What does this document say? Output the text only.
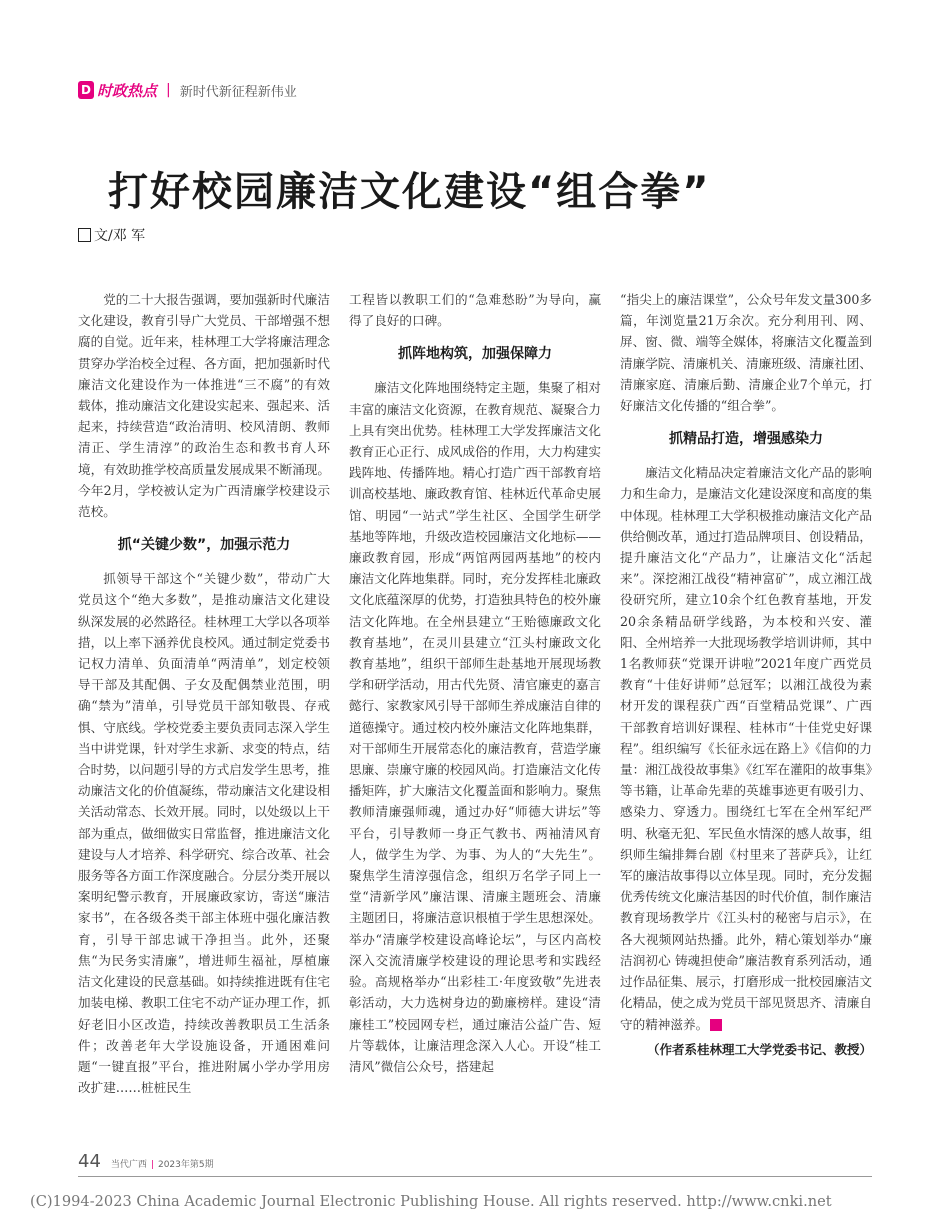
D 时政热点 | 新时代新征程新伟业
打好校园廉洁文化建设“组合拳”
文/邓 军

党的二十大报告强调，要加强新时代廉洁文化建设，教育引导广大党员、干部增强不想腐的自觉。近年来，桂林理工大学将廉洁理念贯穿办学治校全过程、各方面，把加强新时代廉洁文化建设作为一体推进“三不腐”的有效载体，推动廉洁文化建设实起来、强起来、活起来，持续营造“政治清明、校风清朗、教师清正、学生清淳”的政治生态和教书育人环境，有效助推学校高质量发展成果不断涌现。今年2月，学校被认定为广西清廉学校建设示范校。

抓“关键少数”，加强示范力

抓领导干部这个“关键少数”，带动广大党员这个“绝大多数”，是推动廉洁文化建设纵深发展的必然路径。桂林理工大学以各项举措，以上率下涵养优良校风。通过制定党委书记权力清单、负面清单“两清单”，划定校领导干部及其配偶、子女及配偶禁业范围，明确“禁为”清单，引导党员干部知敬畏、存戒惧、守底线。学校党委主要负责同志深入学生当中讲党课，针对学生求新、求变的特点，结合时势，以问题引导的方式启发学生思考，推动廉洁文化的价值凝练，带动廉洁文化建设相关活动常态、长效开展。同时，以处级以上干部为重点，做细做实日常监督，推进廉洁文化建设与人才培养、科学研究、综合改革、社会服务等各方面工作深度融合。分层分类开展以案明纪警示教育，开展廉政家访，寄送“廉洁家书”，在各级各类干部主体班中强化廉洁教育，引导干部忠诚干净担当。此外，还聚焦“为民务实清廉”，增进师生福祉，厚植廉洁文化建设的民意基础。如持续推进既有住宅加装电梯、教职工住宅不动产证办理工作，抓好老旧小区改造，持续改善教职员工生活条件；改善老年大学设施设备，开通困难问题“一键直报”平台，推进附属小学办学用房改扩建……桩桩民生

工程皆以教职工们的“急难愁盼”为导向，赢得了良好的口碑。

抓阵地构筑，加强保障力

廉洁文化阵地围绕特定主题，集聚了相对丰富的廉洁文化资源，在教育规范、凝聚合力上具有突出优势。桂林理工大学发挥廉洁文化教育正心正行、成风成俗的作用，大力构建实践阵地、传播阵地。精心打造广西干部教育培训高校基地、廉政教育馆、桂林近代革命史展馆、明园“一站式”学生社区、全国学生研学基地等阵地，升级改造校园廉洁文化地标——廉政教育园，形成“两馆两园两基地”的校内廉洁文化阵地集群。同时，充分发挥桂北廉政文化底蕴深厚的优势，打造独具特色的校外廉洁文化阵地。在全州县建立“王贻德廉政文化教育基地”，在灵川县建立“江头村廉政文化教育基地”，组织干部师生赴基地开展现场教学和研学活动，用古代先贤、清官廉吏的嘉言懿行、家教家风引导干部师生养成廉洁自律的道德操守。通过校内校外廉洁文化阵地集群，对干部师生开展常态化的廉洁教育，营造学廉思廉、崇廉守廉的校园风尚。打造廉洁文化传播矩阵，扩大廉洁文化覆盖面和影响力。聚焦教师清廉强师魂，通过办好“师德大讲坛”等平台，引导教师一身正气教书、两袖清风育人，做学生为学、为事、为人的“大先生”。聚焦学生清淳强信念，组织万名学子同上一堂“清新学风”廉洁课、清廉主题班会、清廉主题团日，将廉洁意识根植于学生思想深处。举办“清廉学校建设高峰论坛”，与区内高校深入交流清廉学校建设的理论思考和实践经验。高规格举办“出彩桂工·年度致敬”先进表彰活动，大力选树身边的勤廉榜样。建设“清廉桂工”校园网专栏，通过廉洁公益广告、短片等载体，让廉洁理念深入人心。开设“桂工清风”微信公众号，搭建起

“指尖上的廉洁课堂”，公众号年发文量300多篇，年浏览量21万余次。充分利用刊、网、屏、窗、微、端等全媒体，将廉洁文化覆盖到清廉学院、清廉机关、清廉班级、清廉社团、清廉家庭、清廉后勤、清廉企业7个单元，打好廉洁文化传播的“组合拳”。

抓精品打造，增强感染力

廉洁文化精品决定着廉洁文化产品的影响力和生命力，是廉洁文化建设深度和高度的集中体现。桂林理工大学积极推动廉洁文化产品供给侧改革，通过打造品牌项目、创设精品，提升廉洁文化“产品力”，让廉洁文化“活起来”。深挖湘江战役“精神富矿”，成立湘江战役研究所，建立10余个红色教育基地，开发20余条精品研学线路，为本校和兴安、灌阳、全州培养一大批现场教学培训讲师，其中1名教师获“党课开讲啦”2021年度广西党员教育“十佳好讲师”总冠军；以湘江战役为素材开发的课程获广西“百堂精品党课”、广西干部教育培训好课程、桂林市“十佳党史好课程”。组织编写《长征永远在路上》《信仰的力量：湘江战役故事集》《红军在灌阳的故事集》等书籍，让革命先辈的英雄事迹更有吸引力、感染力、穿透力。围绕红七军在全州军纪严明、秋毫无犯、军民鱼水情深的感人故事，组织师生编排舞台剧《村里来了菩萨兵》，让红军的廉洁故事得以立体呈现。同时，充分发掘优秀传统文化廉洁基因的时代价值，制作廉洁教育现场教学片《江头村的秘密与启示》，在各大视频网站热播。此外，精心策划举办“廉洁润初心 铸魂担使命”廉洁教育系列活动，通过作品征集、展示，打磨形成一批校园廉洁文化精品，使之成为党员干部见贤思齐、清廉自守的精神滋养。	D

（作者系桂林理工大学党委书记、教授）
44 当代广西 | 2023年第5期
(C)1994-2023 China Academic Journal Electronic Publishing House. All rights reserved. http://www.cnki.net
